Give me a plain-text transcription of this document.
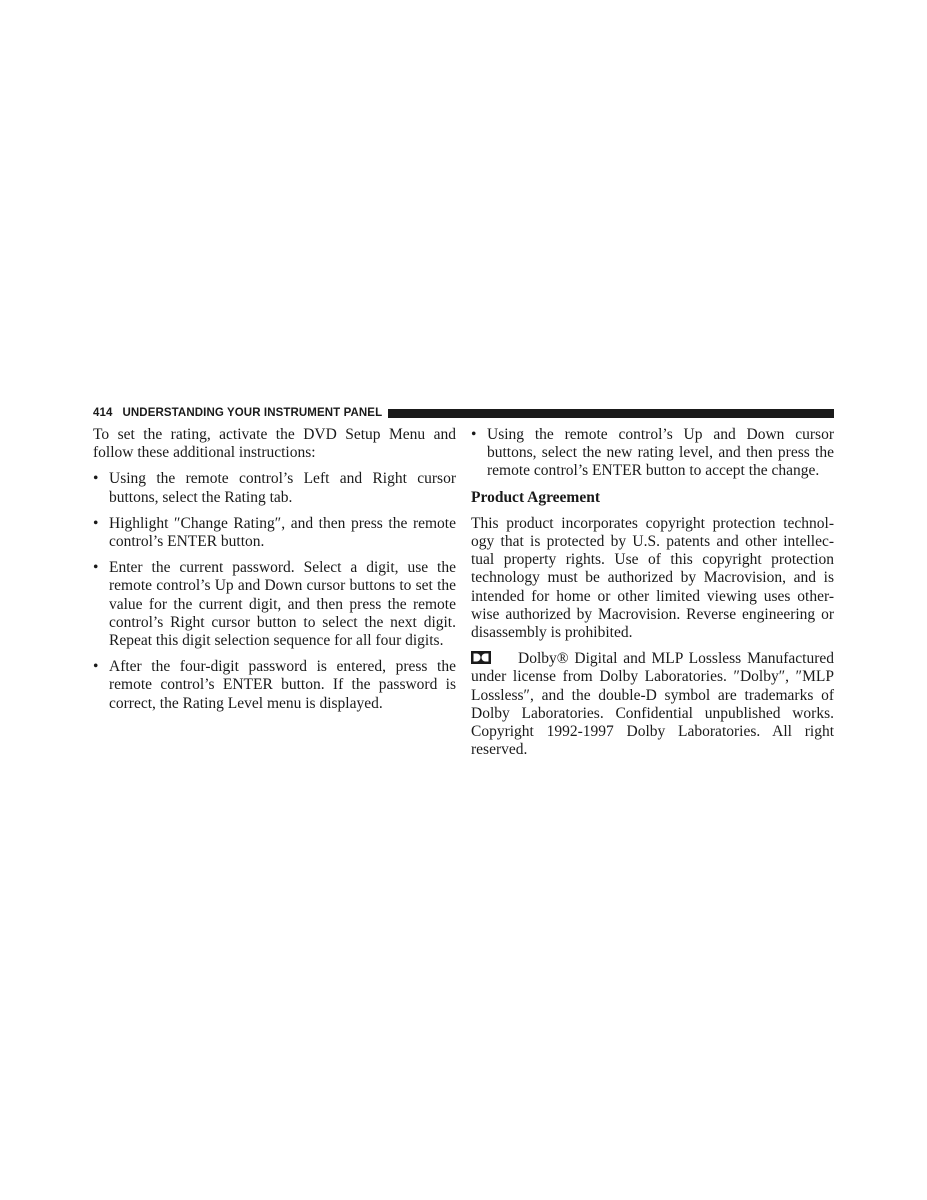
414 UNDERSTANDING YOUR INSTRUMENT PANEL

To set the rating, activate the DVD Setup Menu and follow these additional instructions:

• Using the remote control’s Left and Right cursor buttons, select the Rating tab.
• Highlight ″Change Rating″, and then press the remote control’s ENTER button.
• Enter the current password. Select a digit, use the remote control’s Up and Down cursor buttons to set the value for the current digit, and then press the remote control’s Right cursor button to select the next digit. Repeat this digit selection sequence for all four digits.
• After the four-digit password is entered, press the remote control’s ENTER button. If the password is correct, the Rating Level menu is displayed.
• Using the remote control’s Up and Down cursor buttons, select the new rating level, and then press the remote control’s ENTER button to accept the change.

Product Agreement

This product incorporates copyright protection technol-ogy that is protected by U.S. patents and other intellec-tual property rights. Use of this copyright protection technology must be authorized by Macrovision, and is intended for home or other limited viewing uses other-wise authorized by Macrovision. Reverse engineering or disassembly is prohibited.

Dolby® Digital and MLP Lossless Manufactured under license from Dolby Laboratories. ″Dolby″, ″MLP Lossless″, and the double-D symbol are trademarks of Dolby Laboratories. Confidential unpublished works. Copyright 1992-1997 Dolby Laboratories. All right reserved.
